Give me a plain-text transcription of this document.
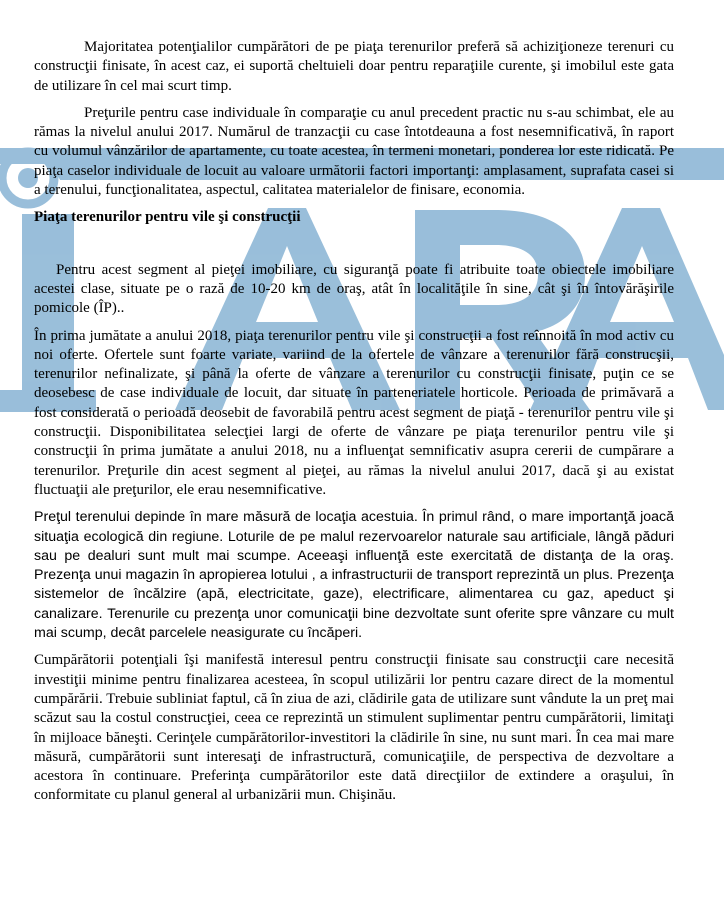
Majoritatea potenţialilor cumpărători de pe piaţa terenurilor preferă să achiziţioneze terenuri cu construcţii finisate, în acest caz, ei suportă cheltuieli doar pentru reparaţiile curente, şi imobilul este gata de utilizare în cel mai scurt timp.

Preţurile pentru case individuale în comparaţie cu anul precedent practic nu s-au schimbat, ele au rămas la nivelul anului 2017. Numărul de tranzacţii cu case întotdeauna a fost nesemnificativă, în raport cu volumul vânzărilor de apartamente, cu toate acestea, în termeni monetari, ponderea lor este ridicată. Pe piaţa caselor individuale de locuit au valoare următorii factori importanţi: amplasament, suprafata casei si a terenului, funcţionalitatea, aspectul, calitatea materialelor de finisare, economia.

Piaţa terenurilor pentru vile şi construcţii

Pentru acest segment al pieţei imobiliare, cu siguranţă poate fi atribuite toate obiectele imobiliare acestei clase, situate pe o rază de 10-20 km de oraş, atât în localităţile în sine, cât şi în întovărăşirile pomicole (ÎP)..

În prima jumătate a anului 2018, piaţa terenurilor pentru vile şi construcţii a fost reînnoită în mod activ cu noi oferte. Ofertele sunt foarte variate, variind de la ofertele de vânzare a terenurilor fără construcşii, terenurilor nefinalizate, şi până la oferte de vânzare a terenurilor cu construcţii finisate, puţin ce se deosebesc de case individuale de locuit, dar situate în parteneriatele horticole. Perioada de primăvară a fost considerată o perioadă deosebit de favorabilă pentru acest segment de piaţă - terenurilor pentru vile şi construcţii. Disponibilitatea selecţiei largi de oferte de vânzare pe piaţa terenurilor pentru vile şi construcţii în prima jumătate a anului 2018, nu a influenţat semnificativ asupra cererii de cumpărare a terenurilor. Preţurile din acest segment al pieţei, au rămas la nivelul anului 2017, dacă şi au existat fluctuaţii ale preţurilor, ele erau nesemnificative.

Preţul terenului depinde în mare măsură de locaţia acestuia. În primul rând, o mare importanţă joacă situaţia ecologică din regiune. Loturile de pe malul rezervoarelor naturale sau artificiale, lângă păduri sau pe dealuri sunt mult mai scumpe. Aceeaşi influenţă este exercitată de distanţa de la oraş. Prezenţa unui magazin în apropierea lotului , a infrastructurii de transport reprezintă un plus. Prezenţa sistemelor de încălzire (apă, electricitate, gaze), electrificare, alimentarea cu gaz, apeduct şi canalizare. Terenurile cu prezenţa unor comunicaţii bine dezvoltate sunt oferite spre vânzare cu mult mai scump, decât parcelele neasigurate cu încăperi.

Cumpărătorii potenţiali îşi manifestă interesul pentru construcţii finisate sau construcţii care necesită investiţii minime pentru finalizarea acesteea, în scopul utilizării lor pentru cazare direct de la momentul cumpărării. Trebuie subliniat faptul, că în ziua de azi, clădirile gata de utilizare sunt vândute la un preţ mai scăzut sau la costul construcţiei, ceea ce reprezintă un stimulent suplimentar pentru cumpărătorii, limitaţi în mijloace băneşti. Cerinţele cumpărătorilor-investitori la clădirile în sine, nu sunt mari. În cea mai mare măsură, cumpărătorii sunt interesaţi de infrastructură, comunicaţiile, de perspectiva de dezvoltare a acestora în continuare. Preferinţa cumpărătorilor este dată direcţiilor de extindere a oraşului, în conformitate cu planul general al urbanizării mun. Chişinău.
